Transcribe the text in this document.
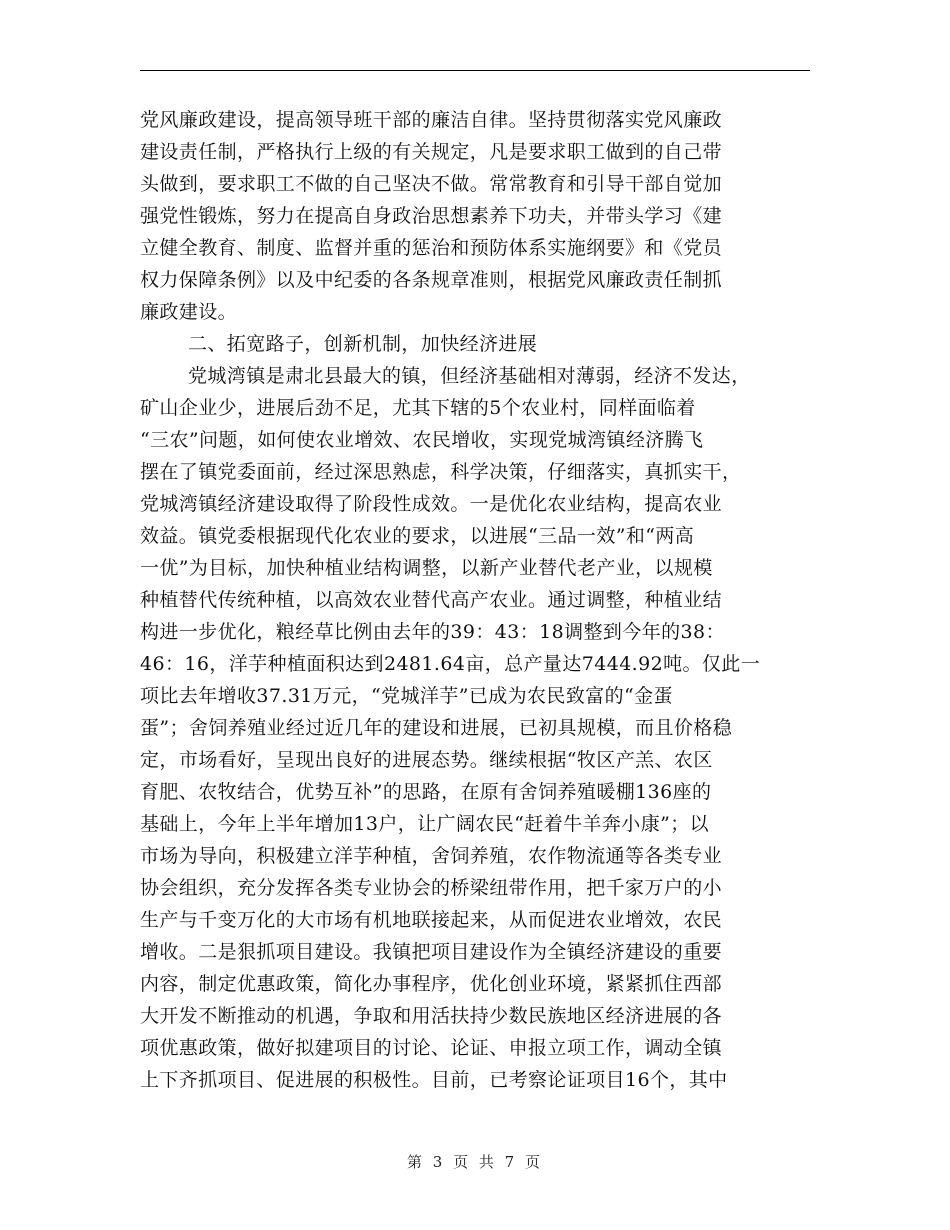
党风廉政建设，提高领导班干部的廉洁自律。坚持贯彻落实党风廉政
建设责任制，严格执行上级的有关规定，凡是要求职工做到的自己带
头做到，要求职工不做的自己坚决不做。常常教育和引导干部自觉加
强党性锻炼，努力在提高自身政治思想素养下功夫，并带头学习《建
立健全教育、制度、监督并重的惩治和预防体系实施纲要》和《党员
权力保障条例》以及中纪委的各条规章准则，根据党风廉政责任制抓
廉政建设。
二、拓宽路子，创新机制，加快经济进展
党城湾镇是肃北县最大的镇，但经济基础相对薄弱，经济不发达，
矿山企业少，进展后劲不足，尤其下辖的5个农业村，同样面临着
“三农”问题，如何使农业增效、农民增收，实现党城湾镇经济腾飞
摆在了镇党委面前，经过深思熟虑，科学决策，仔细落实，真抓实干，
党城湾镇经济建设取得了阶段性成效。一是优化农业结构，提高农业
效益。镇党委根据现代化农业的要求，以进展“三品一效”和“两高
一优”为目标，加快种植业结构调整，以新产业替代老产业，以规模
种植替代传统种植，以高效农业替代高产农业。通过调整，种植业结
构进一步优化，粮经草比例由去年的39：43：18调整到今年的38：
46：16，洋芋种植面积达到2481.64亩，总产量达7444.92吨。仅此一
项比去年增收37.31万元，“党城洋芋”已成为农民致富的“金蛋
蛋”；舍饲养殖业经过近几年的建设和进展，已初具规模，而且价格稳
定，市场看好，呈现出良好的进展态势。继续根据“牧区产羔、农区
育肥、农牧结合，优势互补”的思路，在原有舍饲养殖暖棚136座的
基础上，今年上半年增加13户，让广阔农民“赶着牛羊奔小康”；以
市场为导向，积极建立洋芋种植，舍饲养殖，农作物流通等各类专业
协会组织，充分发挥各类专业协会的桥梁纽带作用，把千家万户的小
生产与千变万化的大市场有机地联接起来，从而促进农业增效，农民
增收。二是狠抓项目建设。我镇把项目建设作为全镇经济建设的重要
内容，制定优惠政策，简化办事程序，优化创业环境，紧紧抓住西部
大开发不断推动的机遇，争取和用活扶持少数民族地区经济进展的各
项优惠政策，做好拟建项目的讨论、论证、申报立项工作，调动全镇
上下齐抓项目、促进展的积极性。目前，已考察论证项目16个，其中
第 3 页 共 7 页
